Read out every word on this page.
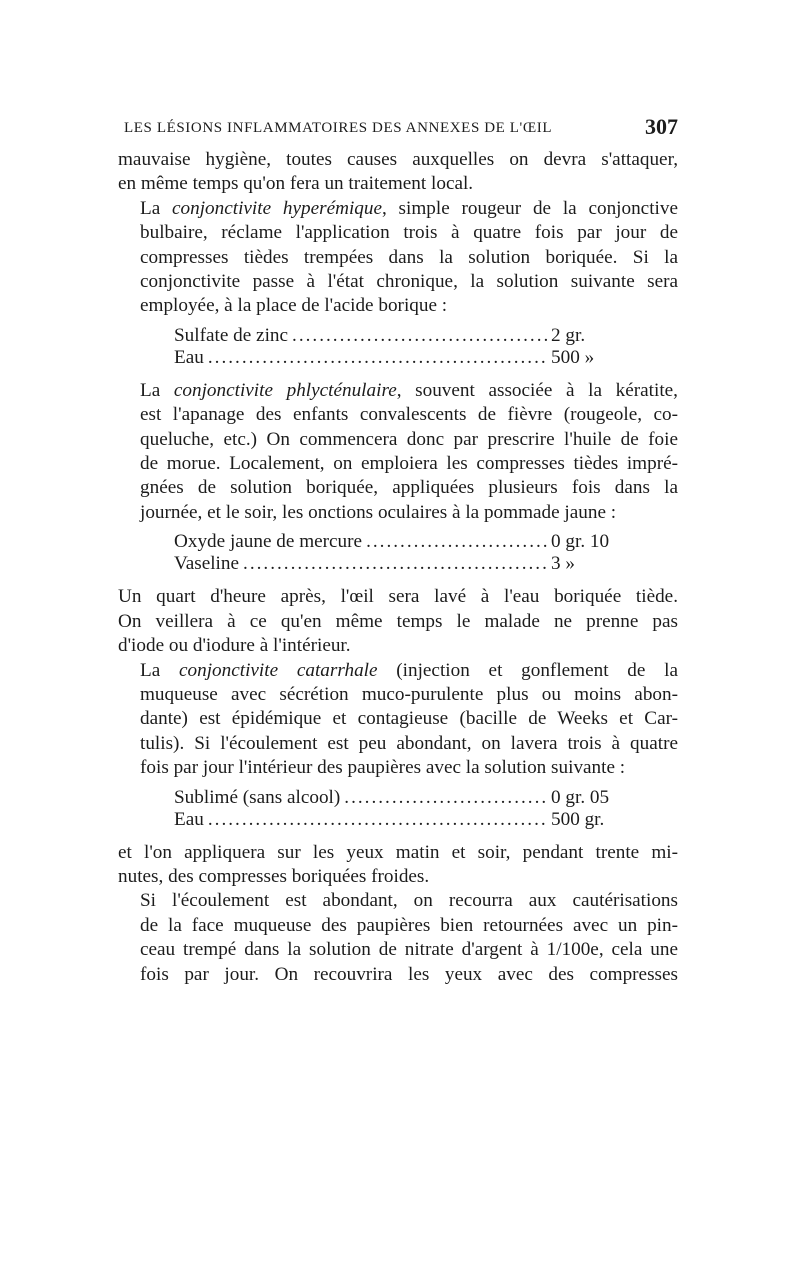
LES LÉSIONS INFLAMMATOIRES DES ANNEXES DE L'ŒIL	307

mauvaise hygiène, toutes causes auxquelles on devra s'attaquer,
en même temps qu'on fera un traitement local.

La conjonctivite hyperémique, simple rougeur de la conjonctive
bulbaire, réclame l'application trois à quatre fois par jour de
compresses tièdes trempées dans la solution boriquée. Si la
conjonctivite passe à l'état chronique, la solution suivante sera
employée, à la place de l'acide borique :

Sulfate de zinc .....	2 gr.
Eau .....	500 »

La conjonctivite phlycténulaire, souvent associée à la kératite,
est l'apanage des enfants convalescents de fièvre (rougeole, co-
queluche, etc.) On commencera donc par prescrire l'huile de foie
de morue. Localement, on emploiera les compresses tièdes impré-
gnées de solution boriquée, appliquées plusieurs fois dans la
journée, et le soir, les onctions oculaires à la pommade jaune :

Oxyde jaune de mercure .....	0 gr. 10
Vaseline .....	3 »

Un quart d'heure après, l'œil sera lavé à l'eau boriquée tiède.
On veillera à ce qu'en même temps le malade ne prenne pas
d'iode ou d'iodure à l'intérieur.

La conjonctivite catarrhale (injection et gonflement de la
muqueuse avec sécrétion muco-purulente plus ou moins abon-
dante) est épidémique et contagieuse (bacille de Weeks et Car-
tulis). Si l'écoulement est peu abondant, on lavera trois à quatre
fois par jour l'intérieur des paupières avec la solution suivante :

Sublimé (sans alcool) .....	0 gr. 05
Eau .....	500 gr.

et l'on appliquera sur les yeux matin et soir, pendant trente mi-
nutes, des compresses boriquées froides.

Si l'écoulement est abondant, on recourra aux cautérisations
de la face muqueuse des paupières bien retournées avec un pin-
ceau trempé dans la solution de nitrate d'argent à 1/100e, cela une
fois par jour. On recouvrira les yeux avec des compresses
